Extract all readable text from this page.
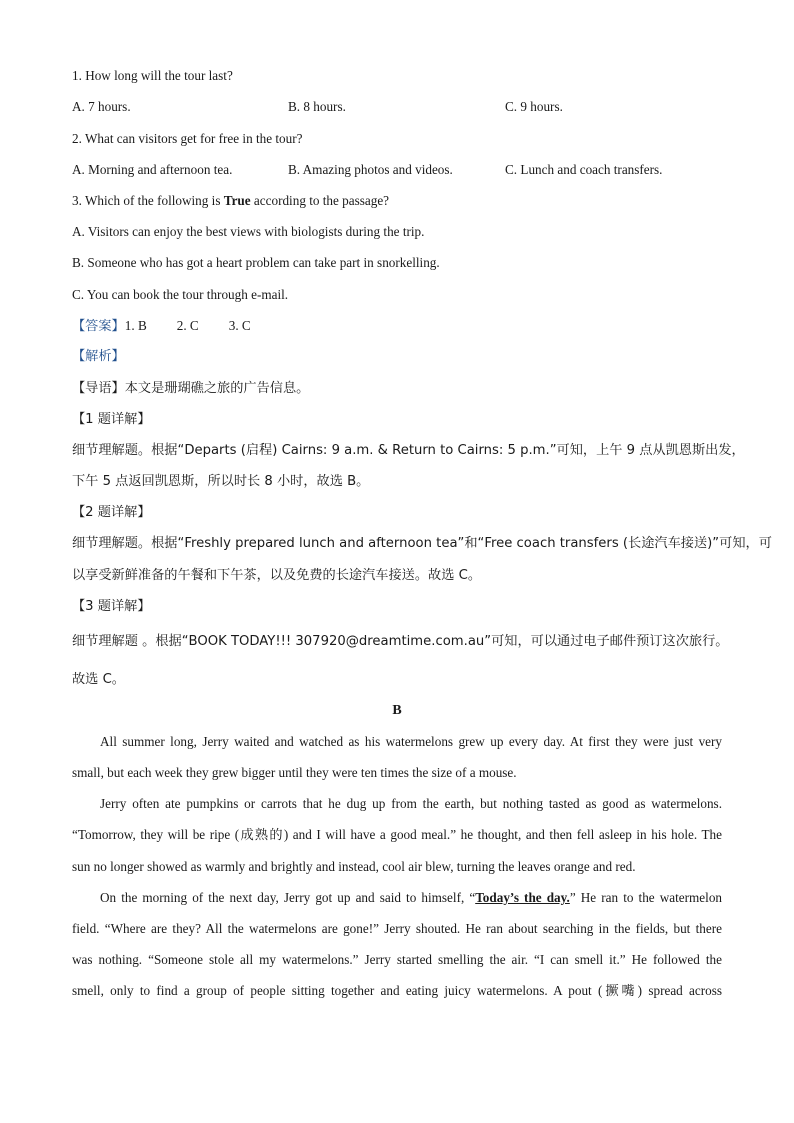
1. How long will the tour last?
A. 7 hours.	B. 8 hours.	C. 9 hours.
2. What can visitors get for free in the tour?
A. Morning and afternoon tea.	B. Amazing photos and videos.	C. Lunch and coach transfers.
3. Which of the following is True according to the passage?
A. Visitors can enjoy the best views with biologists during the trip.
B. Someone who has got a heart problem can take part in snorkelling.
C. You can book the tour through e-mail.
【答案】1. B 2. C 3. C
【解析】
【导语】本文是珊瑚礁之旅的广告信息。
【1 题详解】
细节理解题。根据“Departs (启程) Cairns: 9 a.m. & Return to Cairns: 5 p.m.”可知，上午 9 点从凯恩斯出发，
下午 5 点返回凯恩斯，所以时长 8 小时，故选 B。
【2 题详解】
细节理解题。根据“Freshly prepared lunch and afternoon tea”和“Free coach transfers (长途汽车接送)”可知，可
以享受新鲜准备的午餐和下午茶，以及免费的长途汽车接送。故选 C。
【3 题详解】
细节理解题 。根据“BOOK TODAY!!! 307920@dreamtime.com.au”可知，可以通过电子邮件预订这次旅行。
故选 C。
B
All summer long, Jerry waited and watched as his watermelons grew up every day. At first they were just very
small, but each week they grew bigger until they were ten times the size of a mouse.
Jerry often ate pumpkins or carrots that he dug up from the earth, but nothing tasted as good as watermelons.
“Tomorrow, they will be ripe (成熟的) and I will have a good meal.” he thought, and then fell asleep in his hole. The
sun no longer showed as warmly and brightly and instead, cool air blew, turning the leaves orange and red.
On the morning of the next day, Jerry got up and said to himself, “Today’s the day.” He ran to the watermelon
field. “Where are they? All the watermelons are gone!” Jerry shouted. He ran about searching in the fields, but there
was nothing. “Someone stole all my watermelons.” Jerry started smelling the air. “I can smell it.” He followed the
smell, only to find a group of people sitting together and eating juicy watermelons. A pout (撅嘴) spread across
